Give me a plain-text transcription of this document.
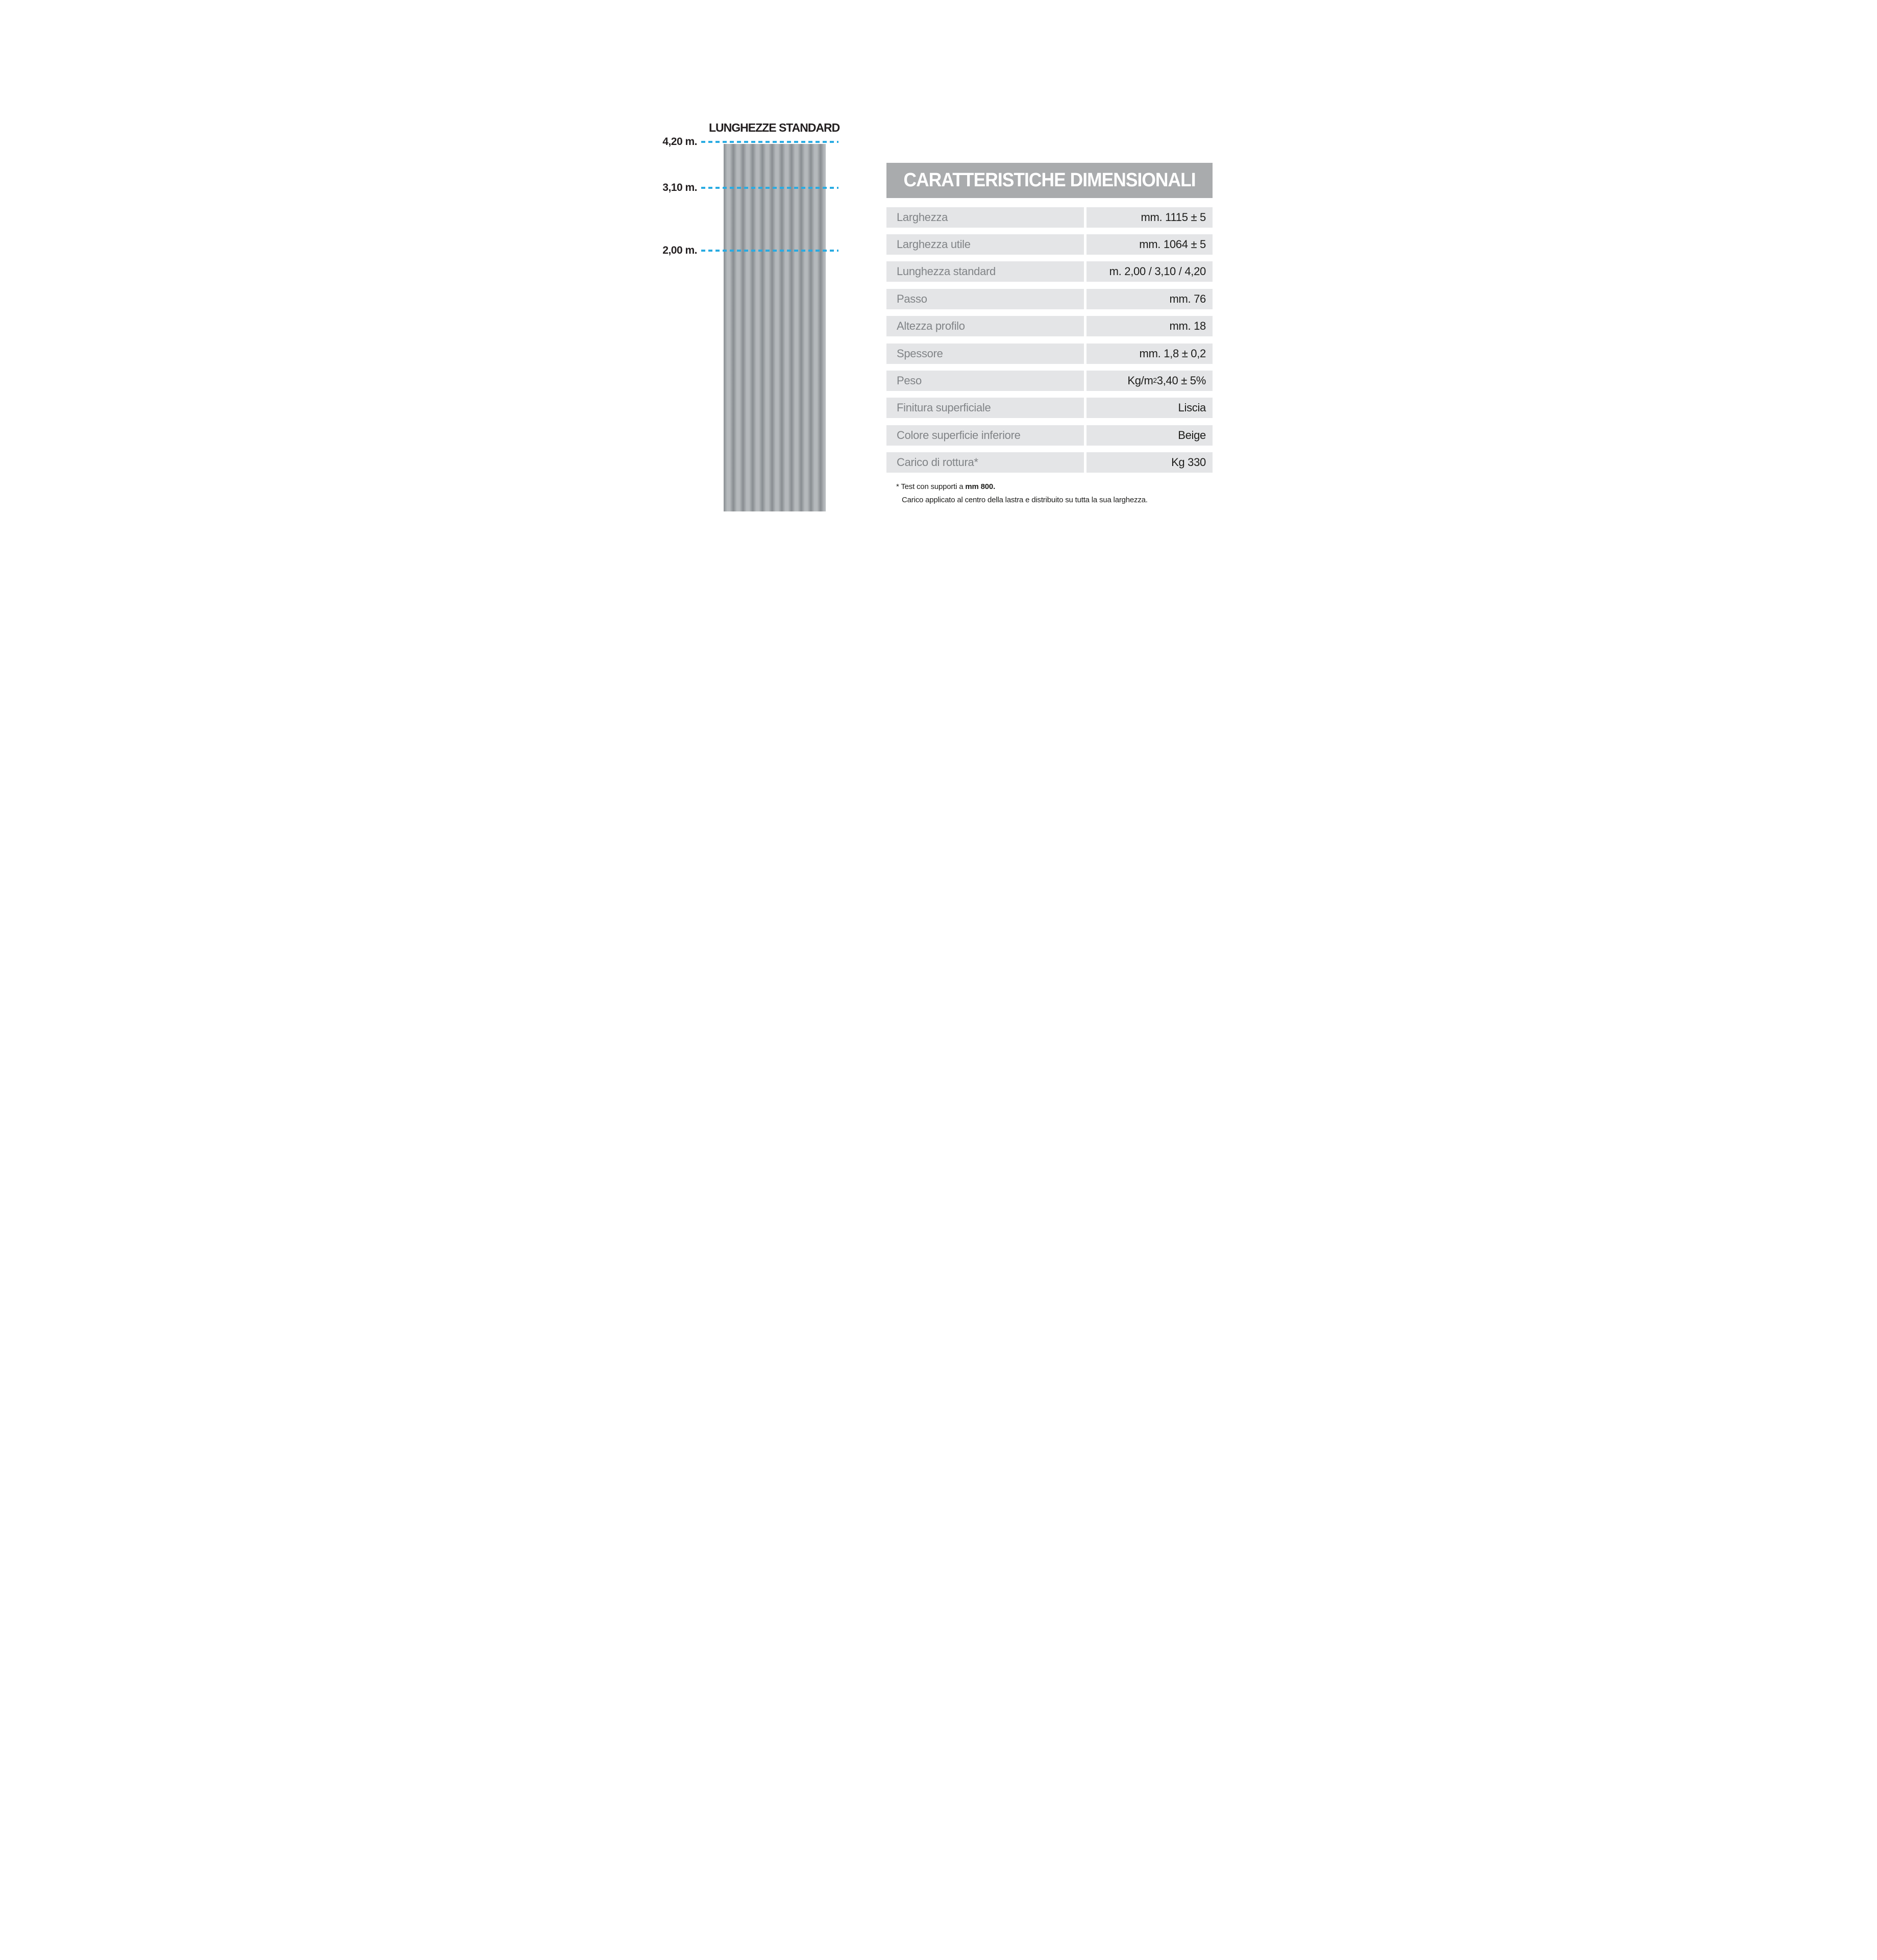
LUNGHEZZE STANDARD
4,20 m.
3,10 m.
2,00 m.
CARATTERISTICHE DIMENSIONALI
Larghezza	mm. 1115 ± 5
Larghezza utile	mm. 1064 ± 5
Lunghezza standard	m. 2,00 / 3,10 / 4,20
Passo	mm. 76
Altezza profilo	mm. 18
Spessore	mm. 1,8 ± 0,2
Peso	Kg/m 2 3,40 ± 5%
Finitura superficiale	Liscia
Colore superficie inferiore	Beige
Carico di rottura*	Kg 330
* Test con supporti a mm 800.
Carico applicato al centro della lastra e distribuito su tutta la sua larghezza.
